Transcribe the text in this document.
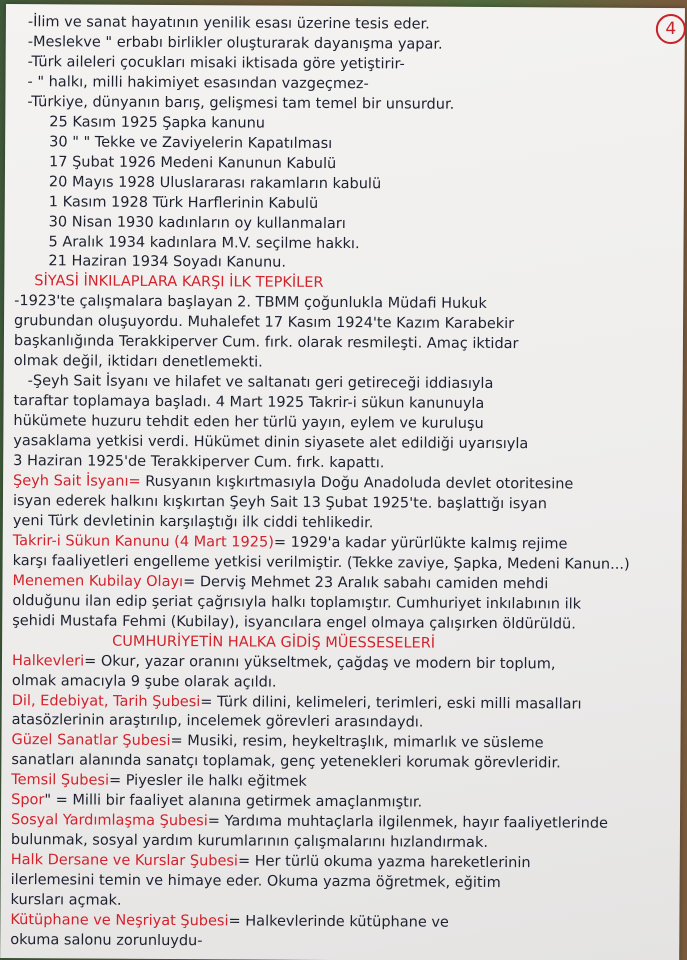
4
-İlim ve sanat hayatının yenilik esası üzerine tesis eder.
-Meslekve " erbabı birlikler oluşturarak dayanışma yapar.
-Türk aileleri çocukları misaki iktisada göre yetiştirir-
- " halkı, milli hakimiyet esasından vazgeçmez-
-Türkiye, dünyanın barış, gelişmesi tam temel bir unsurdur.
25 Kasım 1925 Şapka kanunu
30 " " Tekke ve Zaviyelerin Kapatılması
17 Şubat 1926 Medeni Kanunun Kabulü
20 Mayıs 1928 Uluslararası rakamların kabulü
1 Kasım 1928 Türk Harflerinin Kabulü
30 Nisan 1930 kadınların oy kullanmaları
5 Aralık 1934 kadınlara M.V. seçilme hakkı.
21 Haziran 1934 Soyadı Kanunu.
SİYASİ İNKILAPLARA KARŞI İLK TEPKİLER
-1923'te çalışmalara başlayan 2. TBMM çoğunlukla Müdafi Hukuk
grubundan oluşuyordu. Muhalefet 17 Kasım 1924'te Kazım Karabekir
başkanlığında Terakkiperver Cum. fırk. olarak resmileşti. Amaç iktidar
olmak değil, iktidarı denetlemekti.
-Şeyh Sait İsyanı ve hilafet ve saltanatı geri getireceği iddiasıyla
taraftar toplamaya başladı. 4 Mart 1925 Takrir-i sükun kanunuyla
hükümete huzuru tehdit eden her türlü yayın, eylem ve kuruluşu
yasaklama yetkisi verdi. Hükümet dinin siyasete alet edildiği uyarısıyla
3 Haziran 1925'de Terakkiperver Cum. fırk. kapattı.
Şeyh Sait İsyanı= Rusyanın kışkırtmasıyla Doğu Anadoluda devlet otoritesine
isyan ederek halkını kışkırtan Şeyh Sait 13 Şubat 1925'te. başlattığı isyan
yeni Türk devletinin karşılaştığı ilk ciddi tehlikedir.
Takrir-i Sükun Kanunu (4 Mart 1925)= 1929'a kadar yürürlükte kalmış rejime
karşı faaliyetleri engelleme yetkisi verilmiştir. (Tekke zaviye, Şapka, Medeni Kanun...)
Menemen Kubilay Olayı= Derviş Mehmet 23 Aralık sabahı camiden mehdi
olduğunu ilan edip şeriat çağrısıyla halkı toplamıştır. Cumhuriyet inkılabının ilk
şehidi Mustafa Fehmi (Kubilay), isyancılara engel olmaya çalışırken öldürüldü.
CUMHURİYETİN HALKA GİDİŞ MÜESSESELERİ
Halkevleri= Okur, yazar oranını yükseltmek, çağdaş ve modern bir toplum,
olmak amacıyla 9 şube olarak açıldı.
Dil, Edebiyat, Tarih Şubesi= Türk dilini, kelimeleri, terimleri, eski milli masalları
atasözlerinin araştırılıp, incelemek görevleri arasındaydı.
Güzel Sanatlar Şubesi= Musiki, resim, heykeltraşlık, mimarlık ve süsleme
sanatları alanında sanatçı toplamak, genç yetenekleri korumak görevleridir.
Temsil Şubesi= Piyesler ile halkı eğitmek
Spor" = Milli bir faaliyet alanına getirmek amaçlanmıştır.
Sosyal Yardımlaşma Şubesi= Yardıma muhtaçlarla ilgilenmek, hayır faaliyetlerinde
bulunmak, sosyal yardım kurumlarının çalışmalarını hızlandırmak.
Halk Dersane ve Kurslar Şubesi= Her türlü okuma yazma hareketlerinin
ilerlemesini temin ve himaye eder. Okuma yazma öğretmek, eğitim
kursları açmak.
Kütüphane ve Neşriyat Şubesi= Halkevlerinde kütüphane ve
okuma salonu zorunluydu-
